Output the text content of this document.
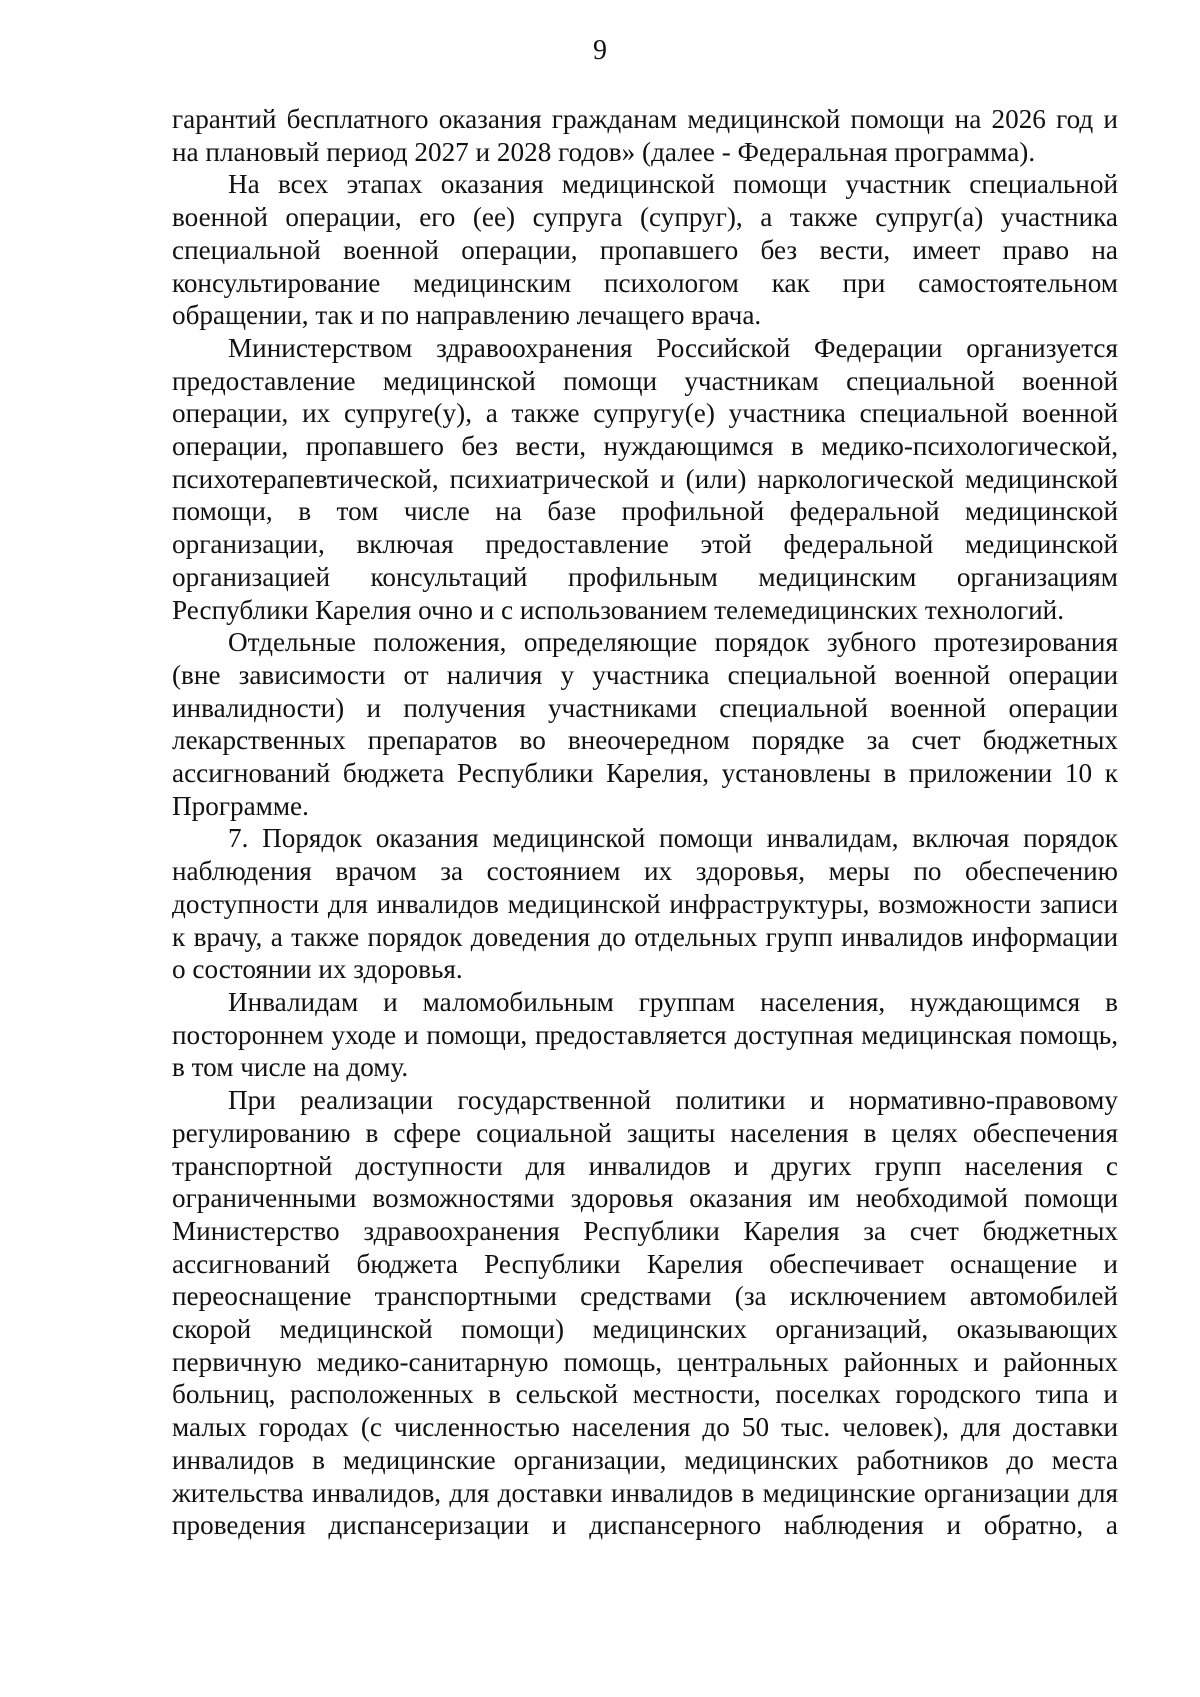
9

гарантий бесплатного оказания гражданам медицинской помощи на 2026 год и на плановый период 2027 и 2028 годов» (далее - Федеральная программа).

На всех этапах оказания медицинской помощи участник специальной военной операции, его (ее) супруга (супруг), а также супруг(а) участника специальной военной операции, пропавшего без вести, имеет право на консультирование медицинским психологом как при самостоятельном обращении, так и по направлению лечащего врача.

Министерством здравоохранения Российской Федерации организуется предоставление медицинской помощи участникам специальной военной операции, их супруге(у), а также супругу(е) участника специальной военной операции, пропавшего без вести, нуждающимся в медико-психологической, психотерапевтической, психиатрической и (или) наркологической медицинской помощи, в том числе на базе профильной федеральной медицинской организации, включая предоставление этой федеральной медицинской организацией консультаций профильным медицинским организациям Республики Карелия очно и с использованием телемедицинских технологий.

Отдельные положения, определяющие порядок зубного протезирования (вне зависимости от наличия у участника специальной военной операции инвалидности) и получения участниками специальной военной операции лекарственных препаратов во внеочередном порядке за счет бюджетных ассигнований бюджета Республики Карелия, установлены в приложении 10 к Программе.

7. Порядок оказания медицинской помощи инвалидам, включая порядок наблюдения врачом за состоянием их здоровья, меры по обеспечению доступности для инвалидов медицинской инфраструктуры, возможности записи к врачу, а также порядок доведения до отдельных групп инвалидов информации о состоянии их здоровья.

Инвалидам и маломобильным группам населения, нуждающимся в постороннем уходе и помощи, предоставляется доступная медицинская помощь, в том числе на дому.

При реализации государственной политики и нормативно-правовому регулированию в сфере социальной защиты населения в целях обеспечения транспортной доступности для инвалидов и других групп населения с ограниченными возможностями здоровья оказания им необходимой помощи Министерство здравоохранения Республики Карелия за счет бюджетных ассигнований бюджета Республики Карелия обеспечивает оснащение и переоснащение транспортными средствами (за исключением автомобилей скорой медицинской помощи) медицинских организаций, оказывающих первичную медико-санитарную помощь, центральных районных и районных больниц, расположенных в сельской местности, поселках городского типа и малых городах (с численностью населения до 50 тыс. человек), для доставки инвалидов в медицинские организации, медицинских работников до места жительства инвалидов, для доставки инвалидов в медицинские организации для проведения диспансеризации и диспансерного наблюдения и обратно, а
